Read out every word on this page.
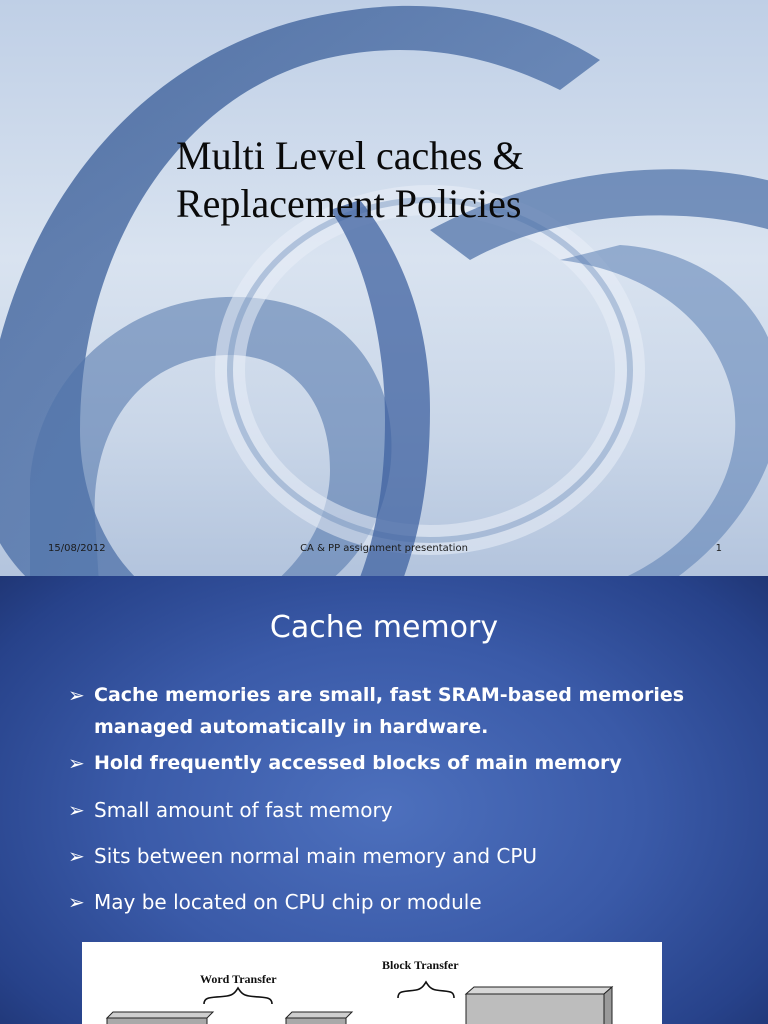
Multi Level caches &
Replacement Policies
15/08/2012	CA & PP assignment presentation	1
Cache memory
➢ Cache memories are small, fast SRAM-based memories managed automatically in hardware.
➢ Hold frequently accessed blocks of main memory
➢ Small amount of fast memory
➢ Sits between normal main memory and CPU
➢ May be located on CPU chip or module
Word Transfer
Block Transfer
